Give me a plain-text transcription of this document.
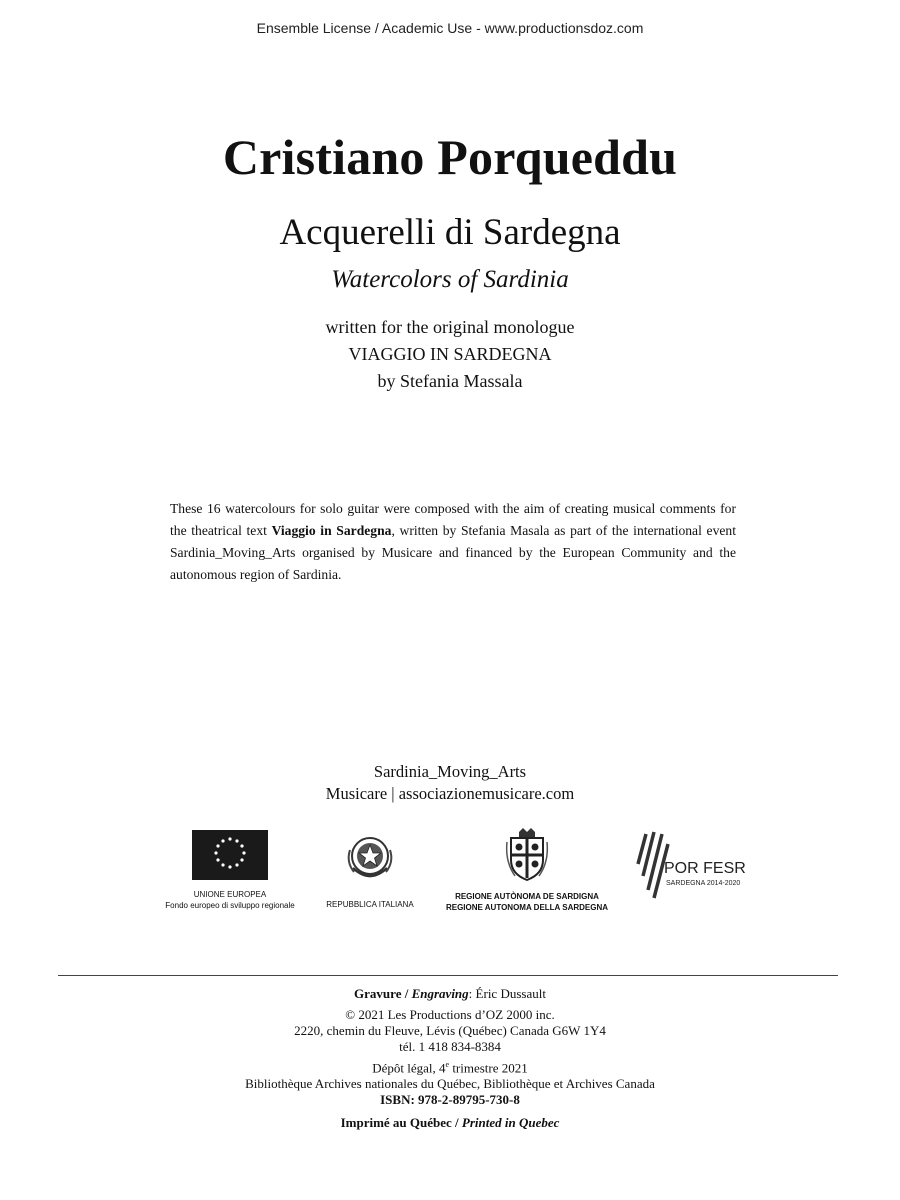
Ensemble License / Academic Use - www.productionsdoz.com
Cristiano Porqueddu
Acquerelli di Sardegna
Watercolors of Sardinia
written for the original monologue
VIAGGIO IN SARDEGNA
by Stefania Massala
These 16 watercolours for solo guitar were composed with the aim of creating musical comments for the theatrical text Viaggio in Sardegna, written by Stefania Masala as part of the international event Sardinia_Moving_Arts organised by Musicare and financed by the European Community and the autonomous region of Sardinia.
Sardinia_Moving_Arts
Musicare | associazionemusicare.com
UNIONE EUROPEA
Fondo europeo di sviluppo regionale	REPUBBLICA ITALIANA
REGIONE AUTÒNOMA DE SARDIGNA
REGIONE AUTONOMA DELLA SARDEGNA
POR FESR
SARDEGNA 2014-2020
Gravure / Engraving: Éric Dussault
© 2021 Les Productions d’OZ 2000 inc.
2220, chemin du Fleuve, Lévis (Québec) Canada G6W 1Y4
tél. 1 418 834-8384
Dépôt légal, 4e trimestre 2021
Bibliothèque Archives nationales du Québec, Bibliothèque et Archives Canada
ISBN: 978-2-89795-730-8
Imprimé au Québec / Printed in Quebec
